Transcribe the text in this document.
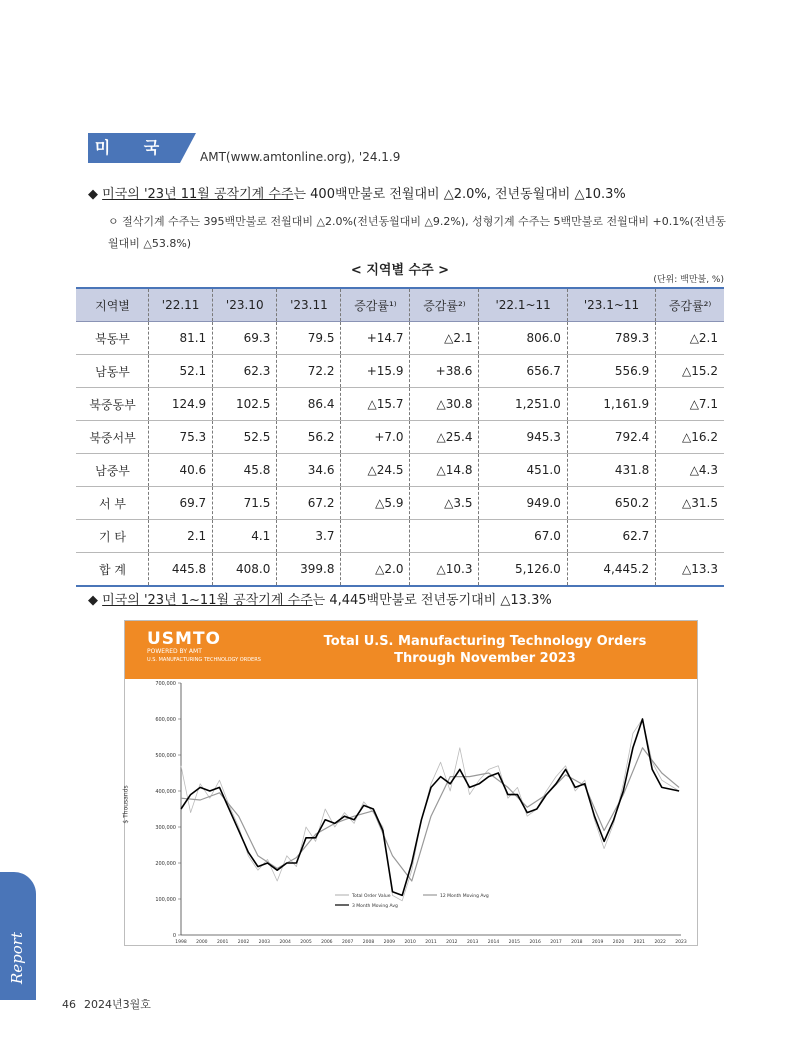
미 국	AMT(www.amtonline.org), '24.1.9
◆ 미국의 '23년 11월 공작기계 수주는 400백만불로 전월대비 △2.0%, 전년동월대비 △10.3%
ㅇ 절삭기계 수주는 395백만불로 전월대비 △2.0%(전년동월대비 △9.2%), 성형기계 수주는 5백만불로 전월대비 +0.1%(전년동월대비 △53.8%)
< 지역별 수주 >
(단위: 백만불, %)
지역별	'22.11	'23.10	'23.11	증감률¹⁾	증감률²⁾	'22.1~11	'23.1~11	증감률²⁾
북동부	81.1	69.3	79.5	+14.7	△2.1	806.0	789.3	△2.1
남동부	52.1	62.3	72.2	+15.9	+38.6	656.7	556.9	△15.2
북중동부	124.9	102.5	86.4	△15.7	△30.8	1,251.0	1,161.9	△7.1
북중서부	75.3	52.5	56.2	+7.0	△25.4	945.3	792.4	△16.2
남중부	40.6	45.8	34.6	△24.5	△14.8	451.0	431.8	△4.3
서 부	69.7	71.5	67.2	△5.9	△3.5	949.0	650.2	△31.5
기 타	2.1	4.1	3.7			67.0	62.7	
합 계	445.8	408.0	399.8	△2.0	△10.3	5,126.0	4,445.2	△13.3
◆ 미국의 '23년 1~11월 공작기계 수주는 4,445백만불로 전년동기대비 △13.3%
USMTO
POWERED BY AMT
U.S. MANUFACTURING TECHNOLOGY ORDERS
Total U.S. Manufacturing Technology Orders
Through November 2023
$ Thousands
0
100,000
200,000
300,000
400,000
500,000
600,000
700,000
1998 2000 2001 2002 2003 2004 2005 2006 2007 2008 2009 2010 2011 2012 2013 2014 2015 2016 2017 2018 2019 2020 2021 2022 2023
Total Order Value	12 Month Moving Avg
3 Month Moving Avg
Report
46 2024년3월호
